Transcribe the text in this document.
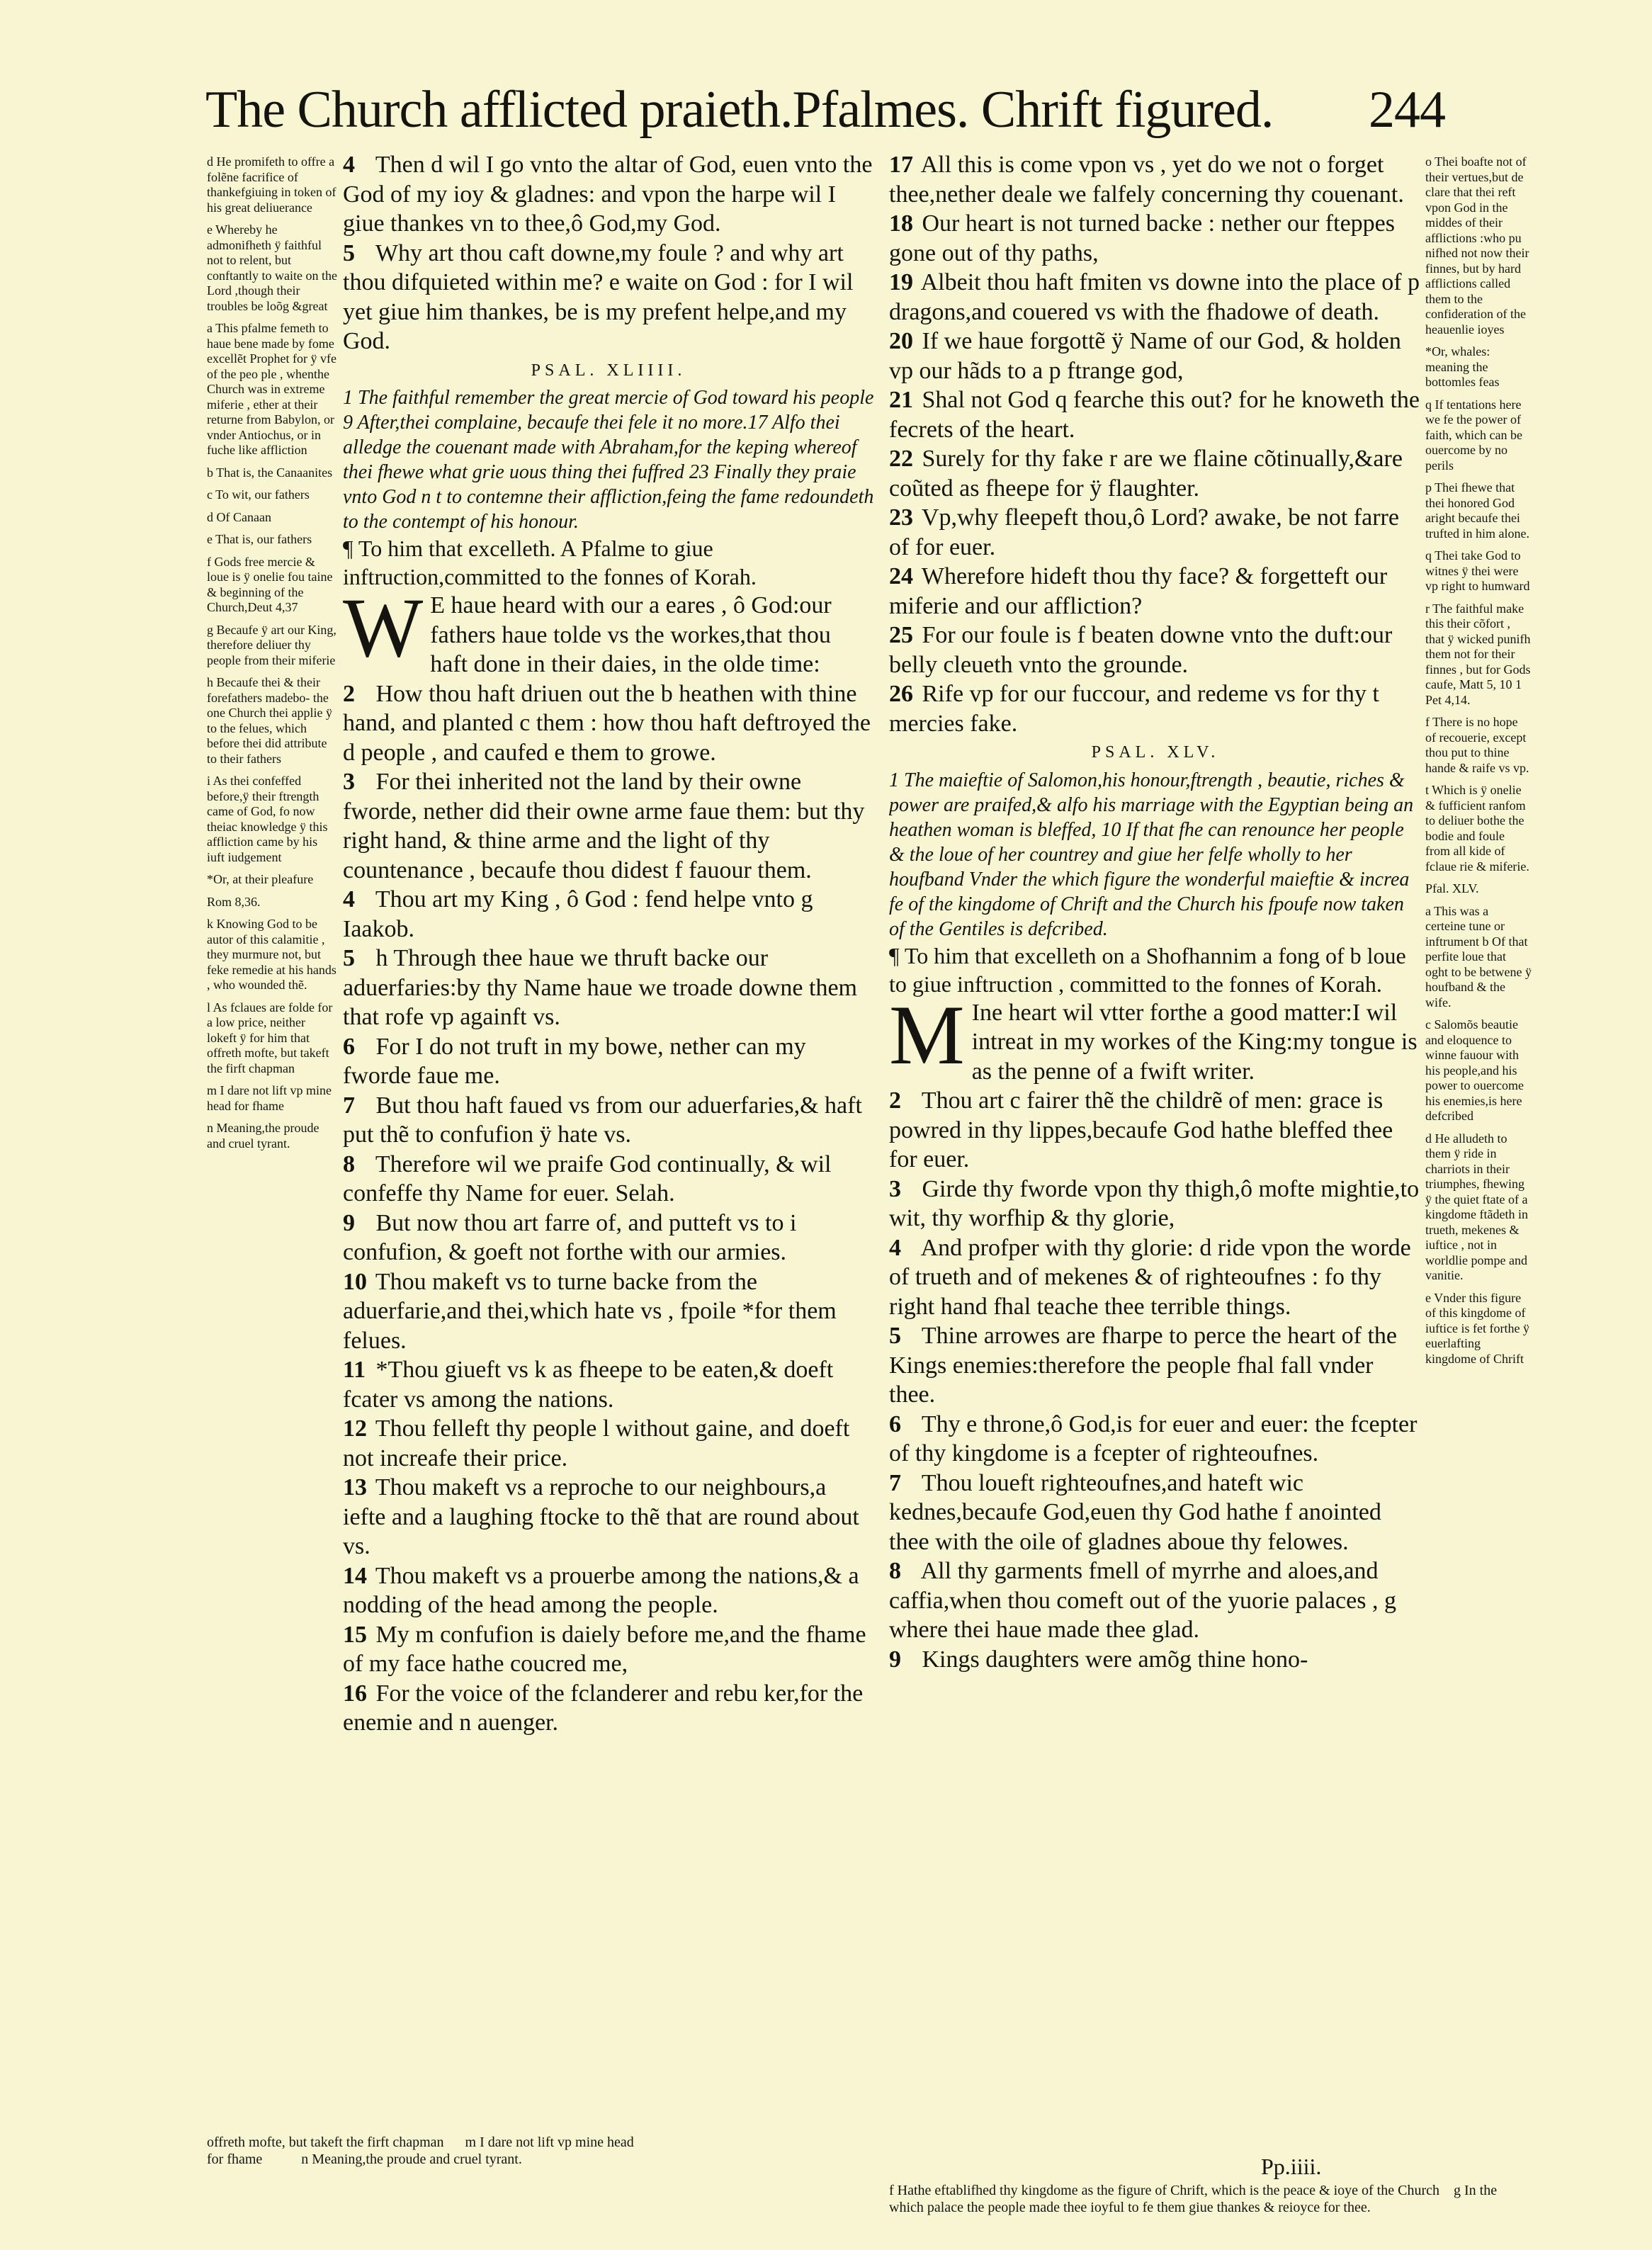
The Church afflicted praieth.Pfalmes. Chrift figured. 244
d He promifeth to offre a folẽne facrifice of thankefgiuing in token of his great deliuerance
e Whereby he admonifheth ÿ faithful not to relent, but conftantly to waite on the Lord ,though their troubles be loõg &great
a This pfalme femeth to haue bene made by fome excellẽt Prophet for ÿ vfe of the peo ple , whenthe Church was in extreme miferie , ether at their returne from Babylon, or vnder Antiochus, or in fuche like affliction
b That is, the Canaanites
c To wit, our fathers
d Of Canaan
e That is, our fathers
f Gods free mercie & loue is ÿ onelie fou taine & beginning of the Church,Deut 4,37
g Becaufe ÿ art our King, therefore deliuer thy people from their miferie
h Becaufe thei & their forefathers madebo- the one Church thei applie ÿ to the felues, which before thei did attribute to their fathers
i As thei confeffed before,ÿ their ftrength came of God, fo now theiac knowledge ÿ this affliction came by his iuft iudgement
*Or, at their pleafure
Rom 8,36.
k Knowing God to be autor of this calamitie , they murmure not, but feke remedie at his hands , who wounded thẽ.
l As fclaues are folde for a low price, neither lokeft ÿ for him that offreth mofte, but takeft the firft chapman
m I dare not lift vp mine head for fhame
n Meaning,the proude and cruel tyrant.

4 Then d wil I go vnto the altar of God, euen vnto the God of my ioy & gladnes: and vpon the harpe wil I giue thankes vn to thee,ô God,my God.

5 Why art thou caft downe,my foule ? and why art thou difquieted within me? e waite on God : for I wil yet giue him thankes, be is my prefent helpe,and my God.

PSAL. XLIIII.

1 The faithful remember the great mercie of God toward his people 9 After,thei complaine, becaufe thei fele it no more.17 Alfo thei alledge the couenant made with Abraham,for the keping whereof thei fhewe what grie uous thing thei fuffred 23 Finally they praie vnto God n t to contemne their affliction,feing the fame redoundeth to the contempt of his honour.

¶ To him that excelleth. A Pfalme to giue inftruction,committed to the fonnes of Korah.

W E haue heard with our a eares , ô God:our fathers haue tolde vs the workes,that thou haft done in their daies, in the olde time:

2 How thou haft driuen out the b heathen with thine hand, and planted c them : how thou haft deftroyed the d people , and caufed e them to growe.

3 For thei inherited not the land by their owne fworde, nether did their owne arme faue them: but thy right hand, & thine arme and the light of thy countenance , becaufe thou didest f fauour them.

4 Thou art my King , ô God : fend helpe vnto g Iaakob.

5 h Through thee haue we thruft backe our aduerfaries:by thy Name haue we troade downe them that rofe vp againft vs.

6 For I do not truft in my bowe, nether can my fworde faue me.

7 But thou haft faued vs from our aduerfaries,& haft put thẽ to confufion ÿ hate vs.

8 Therefore wil we praife God continually, & wil confeffe thy Name for euer. Selah.

9 But now thou art farre of, and putteft vs to i confufion, & goeft not forthe with our armies.

10 Thou makeft vs to turne backe from the aduerfarie,and thei,which hate vs , fpoile *for them felues.

11 *Thou giueft vs k as fheepe to be eaten,& doeft fcater vs among the nations.

12 Thou felleft thy people l without gaine, and doeft not increafe their price.

13 Thou makeft vs a reproche to our neighbours,a iefte and a laughing ftocke to thẽ that are round about vs.

14 Thou makeft vs a prouerbe among the nations,& a nodding of the head among the people.

15 My m confufion is daiely before me,and the fhame of my face hathe coucred me,

16 For the voice of the fclanderer and rebu ker,for the enemie and n auenger.

17 All this is come vpon vs , yet do we not o forget thee,nether deale we falfely concerning thy couenant.

18 Our heart is not turned backe : nether our fteppes gone out of thy paths,

19 Albeit thou haft fmiten vs downe into the place of p dragons,and couered vs with the fhadowe of death.

20 If we haue forgottẽ ÿ Name of our God, & holden vp our hãds to a p ftrange god,

21 Shal not God q fearche this out? for he knoweth the fecrets of the heart.

22 Surely for thy fake r are we flaine cõtinually,&are coũted as fheepe for ÿ flaughter.

23 Vp,why fleepeft thou,ô Lord? awake, be not farre of for euer.

24 Wherefore hideft thou thy face? & forgetteft our miferie and our affliction?

25 For our foule is f beaten downe vnto the duft:our belly cleueth vnto the grounde.

26 Rife vp for our fuccour, and redeme vs for thy t mercies fake.

PSAL. XLV.

1 The maieftie of Salomon,his honour,ftrength , beautie, riches & power are praifed,& alfo his marriage with the Egyptian being an heathen woman is bleffed, 10 If that fhe can renounce her people & the loue of her countrey and giue her felfe wholly to her houfband Vnder the which figure the wonderful maieftie & increa fe of the kingdome of Chrift and the Church his fpoufe now taken of the Gentiles is defcribed.

¶ To him that excelleth on a Shofhannim a fong of b loue to giue inftruction , committed to the fonnes of Korah.

M Ine heart wil vtter forthe a good matter:I wil intreat in my workes of the King:my tongue is as the penne of a fwift writer.

2 Thou art c fairer thẽ the childrẽ of men: grace is powred in thy lippes,becaufe God hathe bleffed thee for euer.

3 Girde thy fworde vpon thy thigh,ô mofte mightie,to wit, thy worfhip & thy glorie,

4 And profper with thy glorie: d ride vpon the worde of trueth and of mekenes & of righteoufnes : fo thy right hand fhal teache thee terrible things.

5 Thine arrowes are fharpe to perce the heart of the Kings enemies:therefore the people fhal fall vnder thee.

6 Thy e throne,ô God,is for euer and euer: the fcepter of thy kingdome is a fcepter of righteoufnes.

7 Thou loueft righteoufnes,and hateft wic kednes,becaufe God,euen thy God hathe f anointed thee with the oile of gladnes aboue thy felowes.

8 All thy garments fmell of myrrhe and aloes,and caffia,when thou comeft out of the yuorie palaces , g where thei haue made thee glad.

9 Kings daughters were amõg thine hono-

o Thei boafte not of their vertues,but de clare that thei reft vpon God in the middes of their afflictions :who pu nifhed not now their finnes, but by hard afflictions called them to the confideration of the heauenlie ioyes
*Or, whales: meaning the bottomles feas
q If tentations here we fe the power of faith, which can be ouercome by no perils
p Thei fhewe that thei honored God aright becaufe thei trufted in him alone.
q Thei take God to witnes ÿ thei were vp right to humward
r The faithful make this their cõfort , that ÿ wicked punifh them not for their finnes , but for Gods caufe, Matt 5, 10 1 Pet 4,14.
f There is no hope of recouerie, except thou put to thine hande & raife vs vp.
t Which is ÿ onelie & fufficient ranfom to deliuer bothe the bodie and foule from all kide of fclaue rie & miferie.
Pfal. XLV.
a This was a certeine tune or inftrument b Of that perfite loue that oght to be betwene ÿ houfband & the wife.
c Salomõs beautie and eloquence to winne fauour with his people,and his power to ouercome his enemies,is here defcribed
d He alludeth to them ÿ ride in charriots in their triumphes, fhewing ÿ the quiet ftate of a kingdome ftãdeth in trueth, mekenes & iuftice , not in worldlie pompe and vanitie.
e Vnder this figure of this kingdome of iuftice is fet forthe ÿ euerlafting kingdome of Chrift
offreth mofte, but takeft the firft chapman m I dare not lift vp mine head
for fhame	n Meaning,the proude and cruel tyrant.	Pp.iiii.
f Hathe eftablifhed thy kingdome as the figure of Chrift, which is the peace & ioye of the Church g In the which palace the people made thee ioyful to fe them giue thankes & reioyce for thee.
